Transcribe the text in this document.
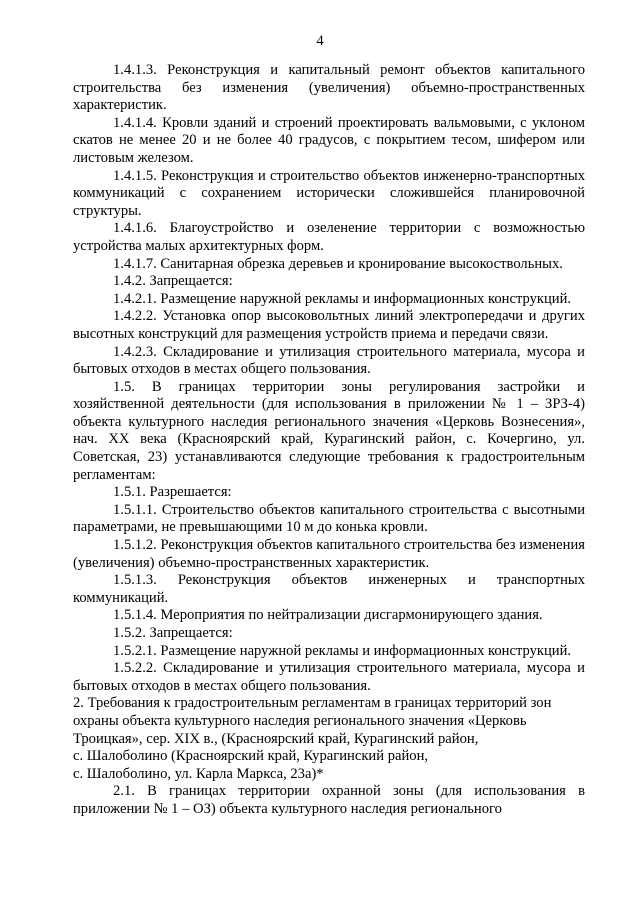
4

1.4.1.3. Реконструкция и капитальный ремонт объектов капитального строительства без изменения (увеличения) объемно-пространственных характеристик.

1.4.1.4. Кровли зданий и строений проектировать вальмовыми, с уклоном скатов не менее 20 и не более 40 градусов, с покрытием тесом, шифером или листовым железом.

1.4.1.5. Реконструкция и строительство объектов инженерно-транспортных коммуникаций с сохранением исторически сложившейся планировочной структуры.

1.4.1.6. Благоустройство и озеленение территории с возможностью устройства малых архитектурных форм.

1.4.1.7. Санитарная обрезка деревьев и кронирование высокоствольных.

1.4.2. Запрещается:

1.4.2.1. Размещение наружной рекламы и информационных конструкций.

1.4.2.2. Установка опор высоковольтных линий электропередачи и других высотных конструкций для размещения устройств приема и передачи связи.

1.4.2.3. Складирование и утилизация строительного материала, мусора и бытовых отходов в местах общего пользования.

1.5. В границах территории зоны регулирования застройки и хозяйственной деятельности (для использования в приложении № 1 – ЗРЗ-4) объекта культурного наследия регионального значения «Церковь Вознесения», нач. XX века (Красноярский край, Курагинский район, с. Кочергино, ул. Советская, 23) устанавливаются следующие требования к градостроительным регламентам:

1.5.1. Разрешается:

1.5.1.1. Строительство объектов капитального строительства с высотными параметрами, не превышающими 10 м до конька кровли.

1.5.1.2. Реконструкция объектов капитального строительства без изменения (увеличения) объемно-пространственных характеристик.

1.5.1.3. Реконструкция объектов инженерных и транспортных коммуникаций.

1.5.1.4. Мероприятия по нейтрализации дисгармонирующего здания.

1.5.2. Запрещается:

1.5.2.1. Размещение наружной рекламы и информационных конструкций.

1.5.2.2. Складирование и утилизация строительного материала, мусора и бытовых отходов в местах общего пользования.

2. Требования к градостроительным регламентам в границах территорий зон
охраны объекта культурного наследия регионального значения «Церковь
Троицкая», сер. XIX в., (Красноярский край, Курагинский район,
с. Шалоболино (Красноярский край, Курагинский район,
с. Шалоболино, ул. Карла Маркса, 23а)*

2.1. В границах территории охранной зоны (для использования в приложении № 1 – ОЗ) объекта культурного наследия регионального
